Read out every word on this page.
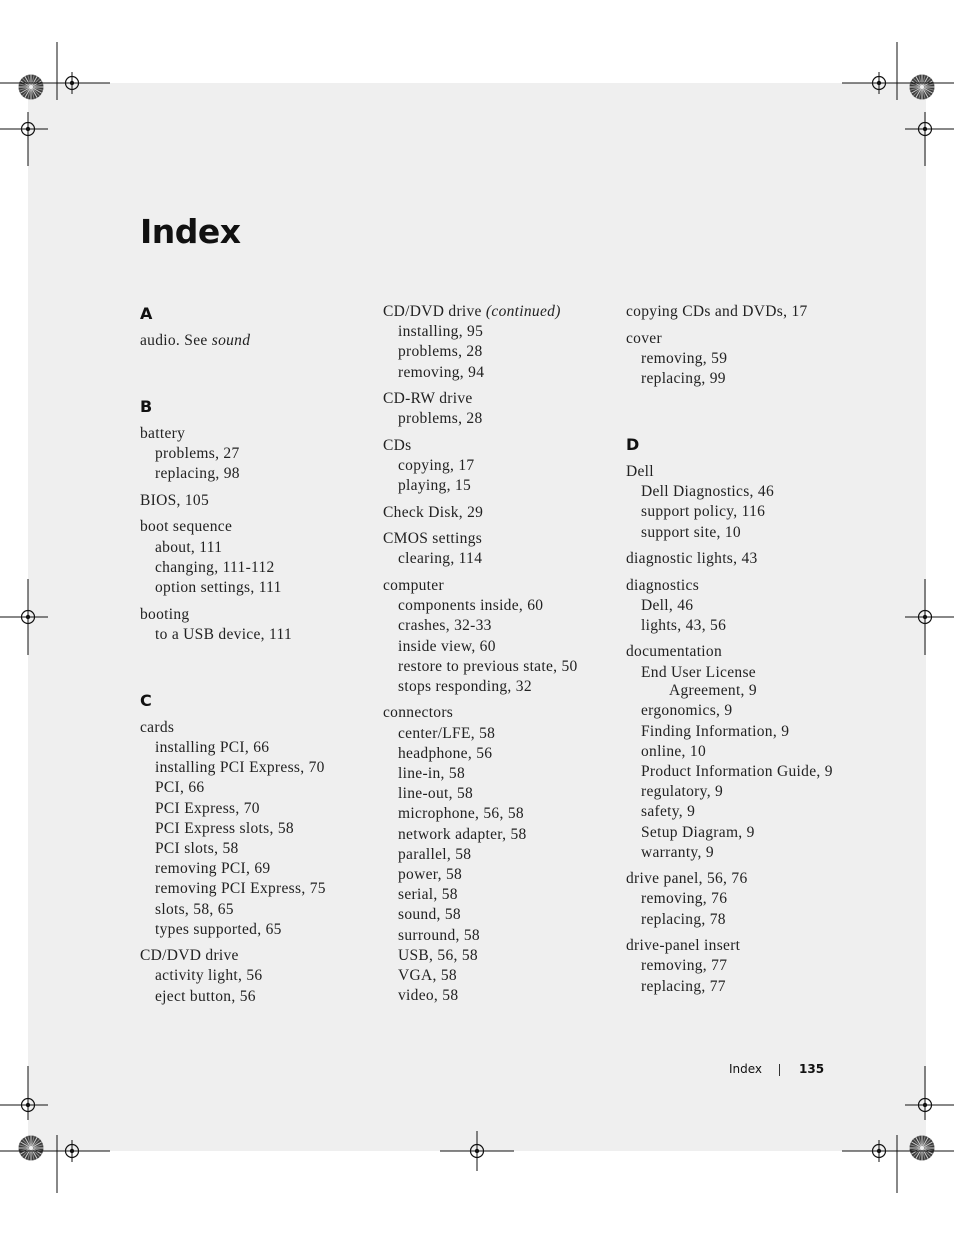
Index
A
audio. See sound
B
battery
problems, 27
replacing, 98
BIOS, 105
boot sequence
about, 111
changing, 111-112
option settings, 111
booting
to a USB device, 111
C
cards
installing PCI, 66
installing PCI Express, 70
PCI, 66
PCI Express, 70
PCI Express slots, 58
PCI slots, 58
removing PCI, 69
removing PCI Express, 75
slots, 58, 65
types supported, 65
CD/DVD drive
activity light, 56
eject button, 56
CD/DVD drive (continued)
installing, 95
problems, 28
removing, 94
CD-RW drive
problems, 28
CDs
copying, 17
playing, 15
Check Disk, 29
CMOS settings
clearing, 114
computer
components inside, 60
crashes, 32-33
inside view, 60
restore to previous state, 50
stops responding, 32
connectors
center/LFE, 58
headphone, 56
line-in, 58
line-out, 58
microphone, 56, 58
network adapter, 58
parallel, 58
power, 58
serial, 58
sound, 58
surround, 58
USB, 56, 58
VGA, 58
video, 58
copying CDs and DVDs, 17
cover
removing, 59
replacing, 99
D
Dell
Dell Diagnostics, 46
support policy, 116
support site, 10
diagnostic lights, 43
diagnostics
Dell, 46
lights, 43, 56
documentation
End User License
Agreement, 9
ergonomics, 9
Finding Information, 9
online, 10
Product Information Guide, 9
regulatory, 9
safety, 9
Setup Diagram, 9
warranty, 9
drive panel, 56, 76
removing, 76
replacing, 78
drive-panel insert
removing, 77
replacing, 77
Index	135
